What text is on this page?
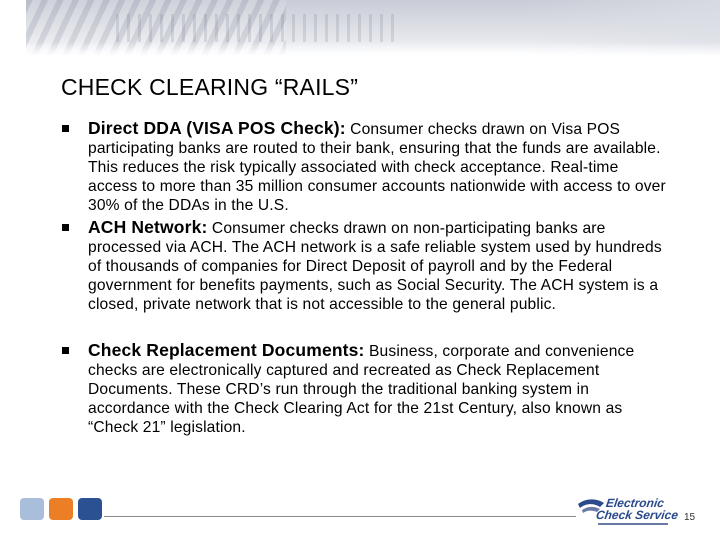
CHECK CLEARING “RAILS”
Direct DDA (VISA POS Check): Consumer checks drawn on Visa POS participating banks are routed to their bank, ensuring that the funds are available. This reduces the risk typically associated with check acceptance. Real-time access to more than 35 million consumer accounts nationwide with access to over 30% of the DDAs in the U.S.
ACH Network: Consumer checks drawn on non-participating banks are processed via ACH. The ACH network is a safe reliable system used by hundreds of thousands of companies for Direct Deposit of payroll and by the Federal government for benefits payments, such as Social Security. The ACH system is a closed, private network that is not accessible to the general public.
Check Replacement Documents: Business, corporate and convenience checks are electronically captured and recreated as Check Replacement Documents. These CRD’s run through the traditional banking system in accordance with the Check Clearing Act for the 21st Century, also known as “Check 21” legislation.
Electronic
Check Service 15
